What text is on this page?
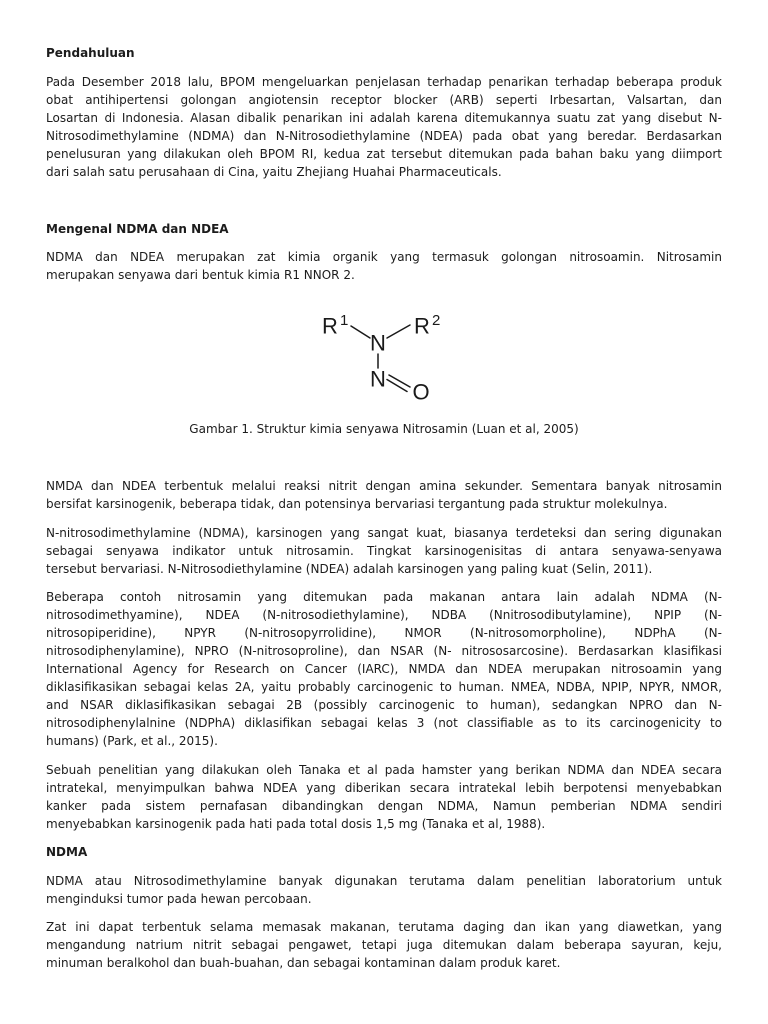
Pendahuluan
Pada Desember 2018 lalu, BPOM mengeluarkan penjelasan terhadap penarikan terhadap beberapa produk
obat antihipertensi golongan angiotensin receptor blocker (ARB) seperti Irbesartan, Valsartan, dan
Losartan di Indonesia. Alasan dibalik penarikan ini adalah karena ditemukannya suatu zat yang disebut N-
Nitrosodimethylamine (NDMA) dan N-Nitrosodiethylamine (NDEA) pada obat yang beredar. Berdasarkan
penelusuran yang dilakukan oleh BPOM RI, kedua zat tersebut ditemukan pada bahan baku yang diimport
dari salah satu perusahaan di Cina, yaitu Zhejiang Huahai Pharmaceuticals.
Mengenal NDMA dan NDEA
NDMA dan NDEA merupakan zat kimia organik yang termasuk golongan nitrosoamin. Nitrosamin
merupakan senyawa dari bentuk kimia R1 NNOR 2.
R 1
N
R 2
N
O
Gambar 1. Struktur kimia senyawa Nitrosamin (Luan et al, 2005)
NMDA dan NDEA terbentuk melalui reaksi nitrit dengan amina sekunder. Sementara banyak nitrosamin
bersifat karsinogenik, beberapa tidak, dan potensinya bervariasi tergantung pada struktur molekulnya.
N-nitrosodimethylamine (NDMA), karsinogen yang sangat kuat, biasanya terdeteksi dan sering digunakan
sebagai senyawa indikator untuk nitrosamin. Tingkat karsinogenisitas di antara senyawa-senyawa
tersebut bervariasi. N-Nitrosodiethylamine (NDEA) adalah karsinogen yang paling kuat (Selin, 2011).
Beberapa contoh nitrosamin yang ditemukan pada makanan antara lain adalah NDMA (N-
nitrosodimethyamine), NDEA (N-nitrosodiethylamine), NDBA (Nnitrosodibutylamine), NPIP (N-
nitrosopiperidine), NPYR (N-nitrosopyrrolidine), NMOR (N-nitrosomorpholine), NDPhA (N-
nitrosodiphenylamine), NPRO (N-nitrosoproline), dan NSAR (N- nitrososarcosine). Berdasarkan klasifikasi
International Agency for Research on Cancer (IARC), NMDA dan NDEA merupakan nitrosoamin yang
diklasifikasikan sebagai kelas 2A, yaitu probably carcinogenic to human. NMEA, NDBA, NPIP, NPYR, NMOR,
and NSAR diklasifikasikan sebagai 2B (possibly carcinogenic to human), sedangkan NPRO dan N-
nitrosodiphenylalnine (NDPhA) diklasifikan sebagai kelas 3 (not classifiable as to its carcinogenicity to
humans) (Park, et al., 2015).
Sebuah penelitian yang dilakukan oleh Tanaka et al pada hamster yang berikan NDMA dan NDEA secara
intratekal, menyimpulkan bahwa NDEA yang diberikan secara intratekal lebih berpotensi menyebabkan
kanker pada sistem pernafasan dibandingkan dengan NDMA, Namun pemberian NDMA sendiri
menyebabkan karsinogenik pada hati pada total dosis 1,5 mg (Tanaka et al, 1988).
NDMA
NDMA atau Nitrosodimethylamine banyak digunakan terutama dalam penelitian laboratorium untuk
menginduksi tumor pada hewan percobaan.
Zat ini dapat terbentuk selama memasak makanan, terutama daging dan ikan yang diawetkan, yang
mengandung natrium nitrit sebagai pengawet, tetapi juga ditemukan dalam beberapa sayuran, keju,
minuman beralkohol dan buah-buahan, dan sebagai kontaminan dalam produk karet.
